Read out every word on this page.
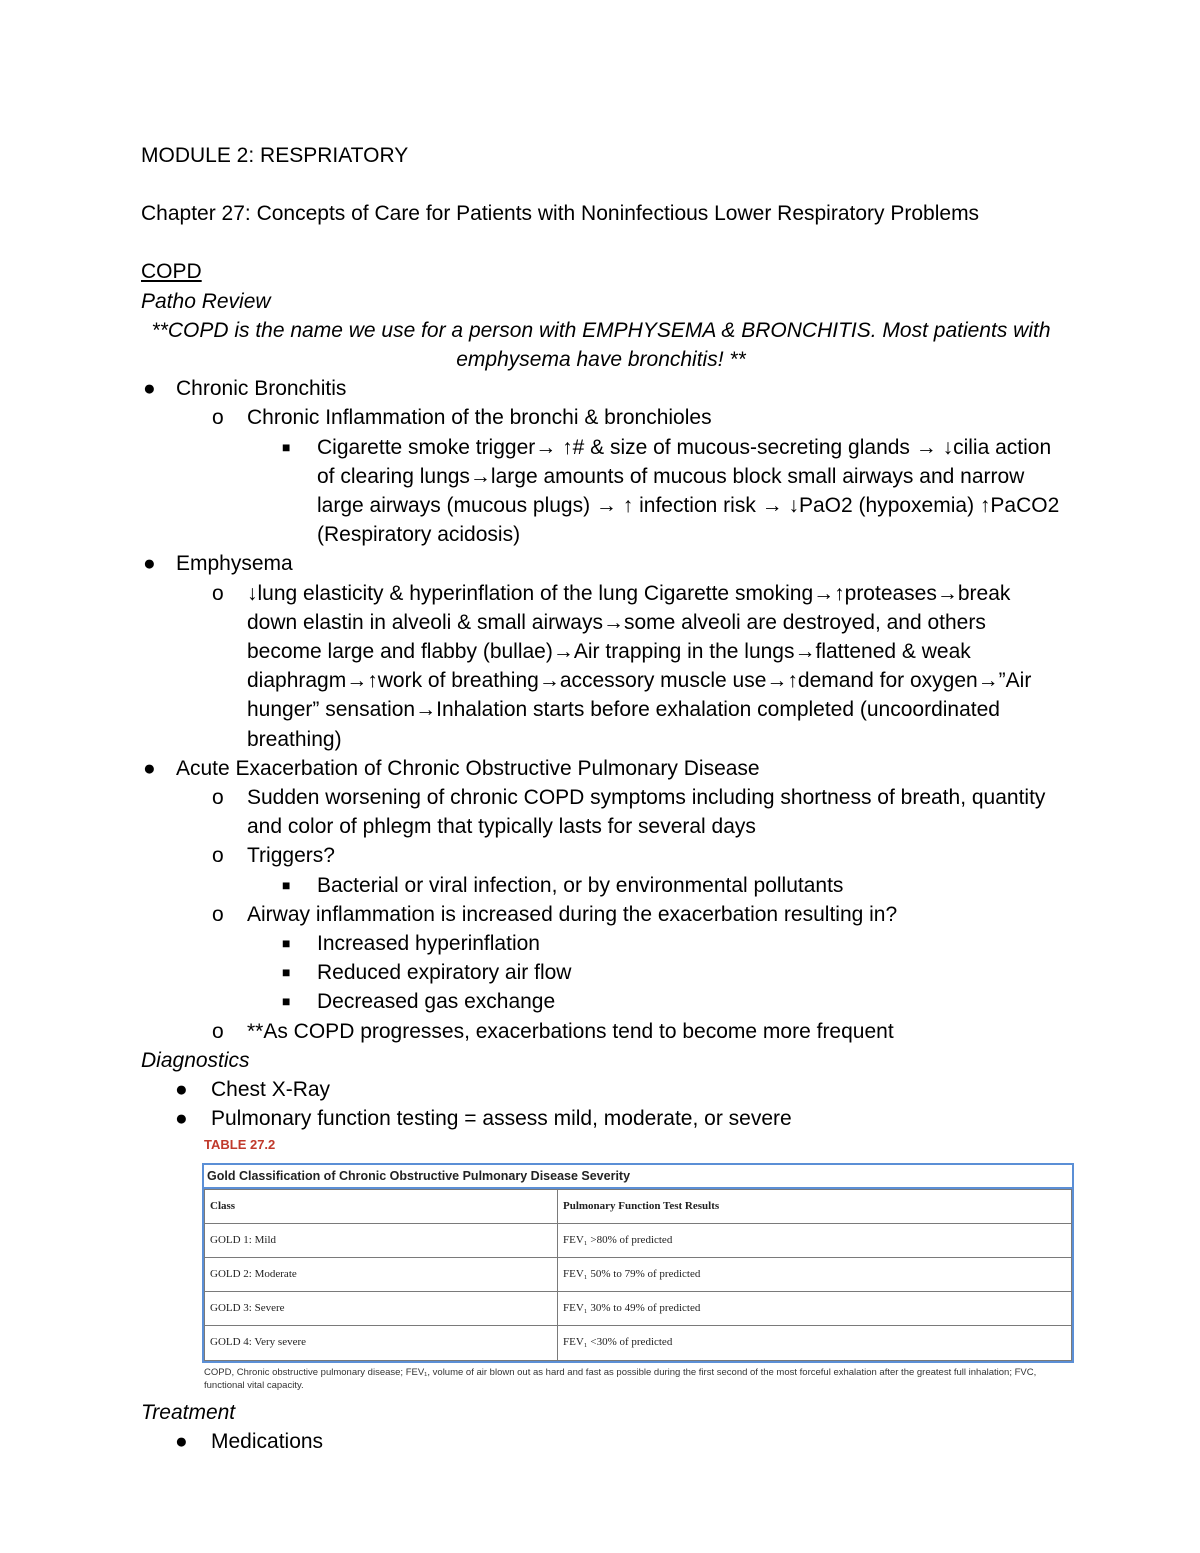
MODULE 2: RESPRIATORY

Chapter 27: Concepts of Care for Patients with Noninfectious Lower Respiratory Problems

COPD

Patho Review

**COPD is the name we use for a person with EMPHYSEMA & BRONCHITIS. Most patients with emphysema have bronchitis! **

● Chronic Bronchitis
o Chronic Inflammation of the bronchi & bronchioles
■ Cigarette smoke trigger→ ↑# & size of mucous-secreting glands → ↓cilia action of clearing lungs→large amounts of mucous block small airways and narrow large airways (mucous plugs) → ↑ infection risk → ↓PaO2 (hypoxemia) ↑PaCO2 (Respiratory acidosis)
● Emphysema
o ↓lung elasticity & hyperinflation of the lung Cigarette smoking→↑proteases→break down elastin in alveoli & small airways→some alveoli are destroyed, and others become large and flabby (bullae)→Air trapping in the lungs→flattened & weak diaphragm→↑work of breathing→accessory muscle use→↑demand for oxygen→”Air hunger” sensation→Inhalation starts before exhalation completed (uncoordinated breathing)
● Acute Exacerbation of Chronic Obstructive Pulmonary Disease
o Sudden worsening of chronic COPD symptoms including shortness of breath, quantity and color of phlegm that typically lasts for several days
o Triggers?
■ Bacterial or viral infection, or by environmental pollutants
o Airway inflammation is increased during the exacerbation resulting in?
■ Increased hyperinflation
■ Reduced expiratory air flow
■ Decreased gas exchange
o **As COPD progresses, exacerbations tend to become more frequent

Diagnostics

● Chest X-Ray
● Pulmonary function testing = assess mild, moderate, or severe
TABLE 27.2
Gold Classification of Chronic Obstructive Pulmonary Disease Severity
Class	Pulmonary Function Test Results
GOLD 1: Mild	FEV₁ >80% of predicted
GOLD 2: Moderate	FEV₁ 50% to 79% of predicted
GOLD 3: Severe	FEV₁ 30% to 49% of predicted
GOLD 4: Very severe	FEV₁ <30% of predicted
COPD, Chronic obstructive pulmonary disease; FEV₁, volume of air blown out as hard and fast as possible during the first second of the most forceful exhalation after the greatest full inhalation; FVC, functional vital capacity.

Treatment

● Medications
